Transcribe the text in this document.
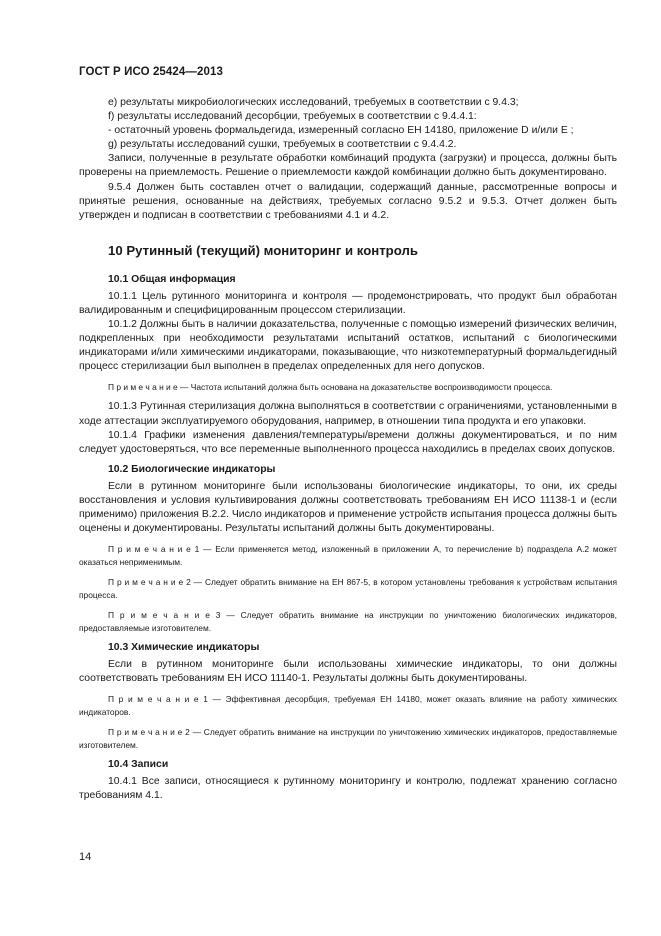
ГОСТ Р ИСО 25424—2013

е) результаты микробиологических исследований, требуемых в соответствии с 9.4.3;

f) результаты исследований десорбции, требуемых в соответствии с 9.4.4.1:

- остаточный уровень формальдегида, измеренный согласно ЕН 14180, приложение D и/или Е ;

g) результаты исследований сушки, требуемых в соответствии с 9.4.4.2.

Записи, полученные в результате обработки комбинаций продукта (загрузки) и процесса, должны быть проверены на приемлемость. Решение о приемлемости каждой комбинации должно быть документировано.

9.5.4 Должен быть составлен отчет о валидации, содержащий данные, рассмотренные вопросы и принятые решения, основанные на действиях, требуемых согласно 9.5.2 и 9.5.3. Отчет должен быть утвержден и подписан в соответствии с требованиями 4.1 и 4.2.

10 Рутинный (текущий) мониторинг и контроль
10.1 Общая информация

10.1.1 Цель рутинного мониторинга и контроля — продемонстрировать, что продукт был обработан валидированным и специфицированным процессом стерилизации.

10.1.2 Должны быть в наличии доказательства, полученные с помощью измерений физических величин, подкрепленных при необходимости результатами испытаний остатков, испытаний с биологическими индикаторами и/или химическими индикаторами, показывающие, что низкотемпературный формальдегидный процесс стерилизации был выполнен в пределах определенных для него допусков.

П р и м е ч а н и е — Частота испытаний должна быть основана на доказательстве воспроизводимости процесса.

10.1.3 Рутинная стерилизация должна выполняться в соответствии с ограничениями, установленными в ходе аттестации эксплуатируемого оборудования, например, в отношении типа продукта и его упаковки.

10.1.4 Графики изменения давления/температуры/времени должны документироваться, и по ним следует удостоверяться, что все переменные выполненного процесса находились в пределах своих допусков.

10.2 Биологические индикаторы

Если в рутинном мониторинге были использованы биологические индикаторы, то они, их среды восстановления и условия культивирования должны соответствовать требованиям ЕН ИСО 11138-1 и (если применимо) приложения В.2.2. Число индикаторов и применение устройств испытания процесса должны быть оценены и документированы. Результаты испытаний должны быть документированы.

П р и м е ч а н и е 1 — Если применяется метод, изложенный в приложении А, то перечисление b) подраздела А.2 может оказаться неприменимым.

П р и м е ч а н и е 2 — Следует обратить внимание на ЕН 867-5, в котором установлены требования к устройствам испытания процесса.

П р и м е ч а н и е 3 — Следует обратить внимание на инструкции по уничтожению биологических индикаторов, предоставляемые изготовителем.

10.3 Химические индикаторы

Если в рутинном мониторинге были использованы химические индикаторы, то они должны соответствовать требованиям ЕН ИСО 11140-1. Результаты должны быть документированы.

П р и м е ч а н и е 1 — Эффективная десорбция, требуемая ЕН 14180, может оказать влияние на работу химических индикаторов.

П р и м е ч а н и е 2 — Следует обратить внимание на инструкции по уничтожению химических индикаторов, предоставляемые изготовителем.

10.4 Записи

10.4.1 Все записи, относящиеся к рутинному мониторингу и контролю, подлежат хранению согласно требованиям 4.1.

14
